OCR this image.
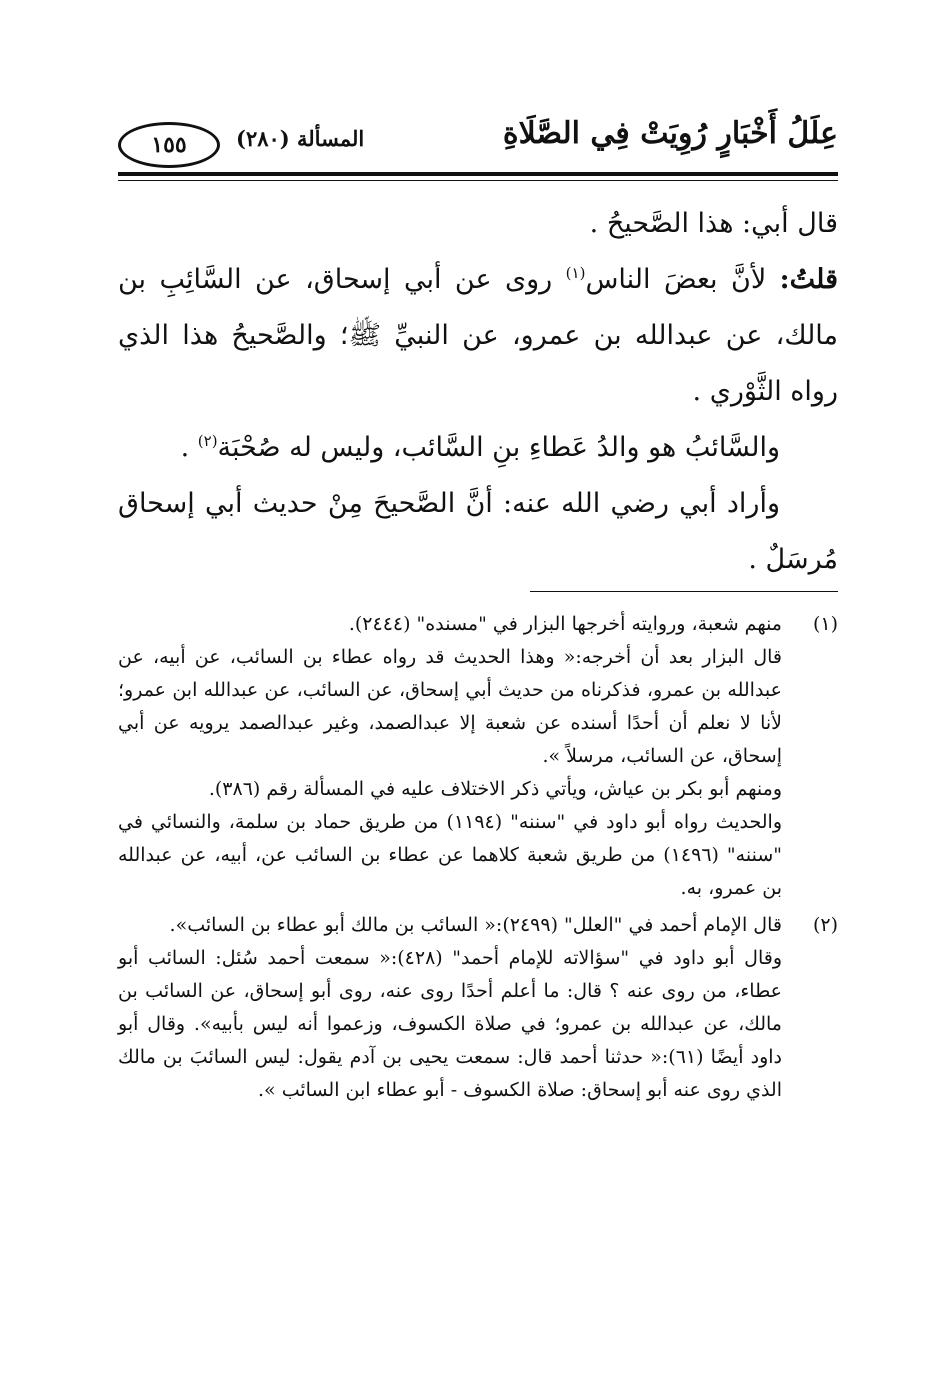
عِلَلُ أَخْبَارٍ رُوِيَتْ فِي الصَّلَاةِ
المسألة (٢٨٠)
١٥٥

قال أبي: هذا الصَّحيحُ .

قلتُ: لأنَّ بعضَ الناس$^{(١)}$ روى عن أبي إسحاق، عن السَّائِبِ بن مالك، عن عبدالله بن عمرو، عن النبيِّ ﷺ؛ والصَّحيحُ هذا الذي رواه الثَّوْري .

والسَّائبُ هو والدُ عَطاءِ بنِ السَّائب، وليس له صُحْبَة$^{(٢)}$ .

وأراد أبي رضي الله عنه: أنَّ الصَّحيحَ مِنْ حديث أبي إسحاق مُرسَلٌ .

(١)

منهم شعبة، وروايته أخرجها البزار في "مسنده" (٢٤٤٤).

قال البزار بعد أن أخرجه:« وهذا الحديث قد رواه عطاء بن السائب، عن أبيه، عن عبدالله بن عمرو، فذكرناه من حديث أبي إسحاق، عن السائب، عن عبدالله ابن عمرو؛ لأنا لا نعلم أن أحدًا أسنده عن شعبة إلا عبدالصمد، وغير عبدالصمد يرويه عن أبي إسحاق، عن السائب، مرسلاً ».

ومنهم أبو بكر بن عياش، ويأتي ذكر الاختلاف عليه في المسألة رقم (٣٨٦).

والحديث رواه أبو داود في "سننه" (١١٩٤) من طريق حماد بن سلمة، والنسائي في "سننه" (١٤٩٦) من طريق شعبة كلاهما عن عطاء بن السائب عن، أبيه، عن عبدالله بن عمرو، به.

(٢)

قال الإمام أحمد في "العلل" (٢٤٩٩):« السائب بن مالك أبو عطاء بن السائب».

وقال أبو داود في "سؤالاته للإمام أحمد" (٤٢٨):« سمعت أحمد سُئل: السائب أبو عطاء، من روى عنه ؟ قال: ما أعلم أحدًا روى عنه، روى أبو إسحاق، عن السائب بن مالك، عن عبدالله بن عمرو؛ في صلاة الكسوف، وزعموا أنه ليس بأبيه». وقال أبو داود أيضًا (٦١):« حدثنا أحمد قال: سمعت يحيى بن آدم يقول: ليس السائبَ بن مالك الذي روى عنه أبو إسحاق: صلاة الكسوف - أبو عطاء ابن السائب ».
